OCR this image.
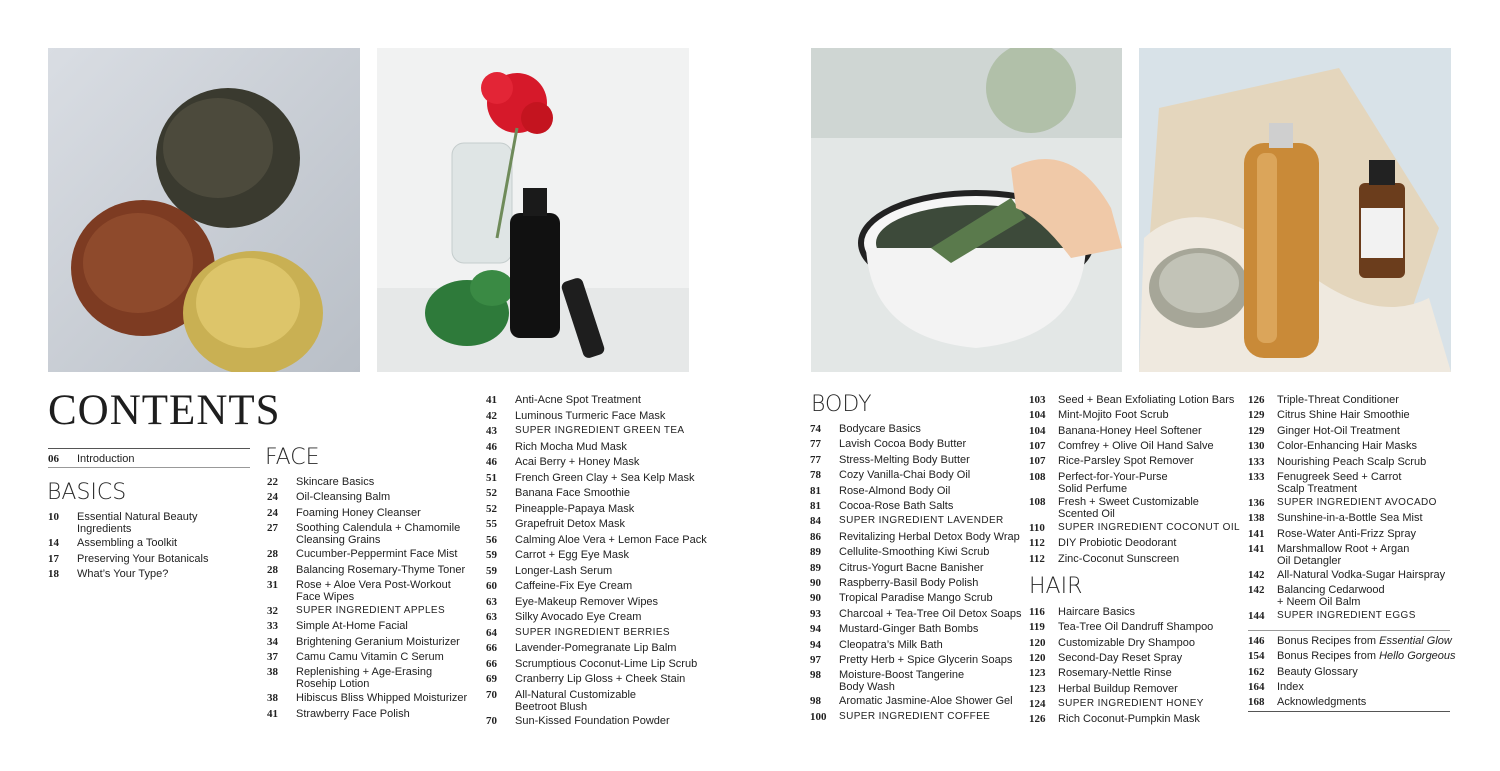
CONTENTS
06	Introduction
BASICS
10	Essential Natural Beauty
Ingredients
14	Assembling a Toolkit
17	Preserving Your Botanicals
18	What’s Your Type?
FACE
22	Skincare Basics
24	Oil-Cleansing Balm
24	Foaming Honey Cleanser
27	Soothing Calendula + Chamomile
Cleansing Grains
28	Cucumber-Peppermint Face Mist
28	Balancing Rosemary-Thyme Toner
31	Rose + Aloe Vera Post-Workout
Face Wipes
32	SUPER INGREDIENT APPLES
33	Simple At-Home Facial
34	Brightening Geranium Moisturizer
37	Camu Camu Vitamin C Serum
38	Replenishing + Age-Erasing
Rosehip Lotion
38	Hibiscus Bliss Whipped Moisturizer
41	Strawberry Face Polish
41	Anti-Acne Spot Treatment
42	Luminous Turmeric Face Mask
43	SUPER INGREDIENT GREEN TEA
46	Rich Mocha Mud Mask
46	Acai Berry + Honey Mask
51	French Green Clay + Sea Kelp Mask
52	Banana Face Smoothie
52	Pineapple-Papaya Mask
55	Grapefruit Detox Mask
56	Calming Aloe Vera + Lemon Face Pack
59	Carrot + Egg Eye Mask
59	Longer-Lash Serum
60	Caffeine-Fix Eye Cream
63	Eye-Makeup Remover Wipes
63	Silky Avocado Eye Cream
64	SUPER INGREDIENT BERRIES
66	Lavender-Pomegranate Lip Balm
66	Scrumptious Coconut-Lime Lip Scrub
69	Cranberry Lip Gloss + Cheek Stain
70	All-Natural Customizable
Beetroot Blush
70	Sun-Kissed Foundation Powder
BODY
74	Bodycare Basics
77	Lavish Cocoa Body Butter
77	Stress-Melting Body Butter
78	Cozy Vanilla-Chai Body Oil
81	Rose-Almond Body Oil
81	Cocoa-Rose Bath Salts
84	SUPER INGREDIENT LAVENDER
86	Revitalizing Herbal Detox Body Wrap
89	Cellulite-Smoothing Kiwi Scrub
89	Citrus-Yogurt Bacne Banisher
90	Raspberry-Basil Body Polish
90	Tropical Paradise Mango Scrub
93	Charcoal + Tea-Tree Oil Detox Soaps
94	Mustard-Ginger Bath Bombs
94	Cleopatra’s Milk Bath
97	Pretty Herb + Spice Glycerin Soaps
98	Moisture-Boost Tangerine
Body Wash
98	Aromatic Jasmine-Aloe Shower Gel
100	SUPER INGREDIENT COFFEE
103	Seed + Bean Exfoliating Lotion Bars
104	Mint-Mojito Foot Scrub
104	Banana-Honey Heel Softener
107	Comfrey + Olive Oil Hand Salve
107	Rice-Parsley Spot Remover
108	Perfect-for-Your-Purse
Solid Perfume
108	Fresh + Sweet Customizable
Scented Oil
110	SUPER INGREDIENT COCONUT OIL
112	DIY Probiotic Deodorant
112	Zinc-Coconut Sunscreen
HAIR
116	Haircare Basics
119	Tea-Tree Oil Dandruff Shampoo
120	Customizable Dry Shampoo
120	Second-Day Reset Spray
123	Rosemary-Nettle Rinse
123	Herbal Buildup Remover
124	SUPER INGREDIENT HONEY
126	Rich Coconut-Pumpkin Mask
126	Triple-Threat Conditioner
129	Citrus Shine Hair Smoothie
129	Ginger Hot-Oil Treatment
130	Color-Enhancing Hair Masks
133	Nourishing Peach Scalp Scrub
133	Fenugreek Seed + Carrot
Scalp Treatment
136	SUPER INGREDIENT AVOCADO
138	Sunshine-in-a-Bottle Sea Mist
141	Rose-Water Anti-Frizz Spray
141	Marshmallow Root + Argan
Oil Detangler
142	All-Natural Vodka-Sugar Hairspray
142	Balancing Cedarwood
+ Neem Oil Balm
144	SUPER INGREDIENT EGGS
146	Bonus Recipes from Essential Glow
154	Bonus Recipes from Hello Gorgeous
162	Beauty Glossary
164	Index
168	Acknowledgments
